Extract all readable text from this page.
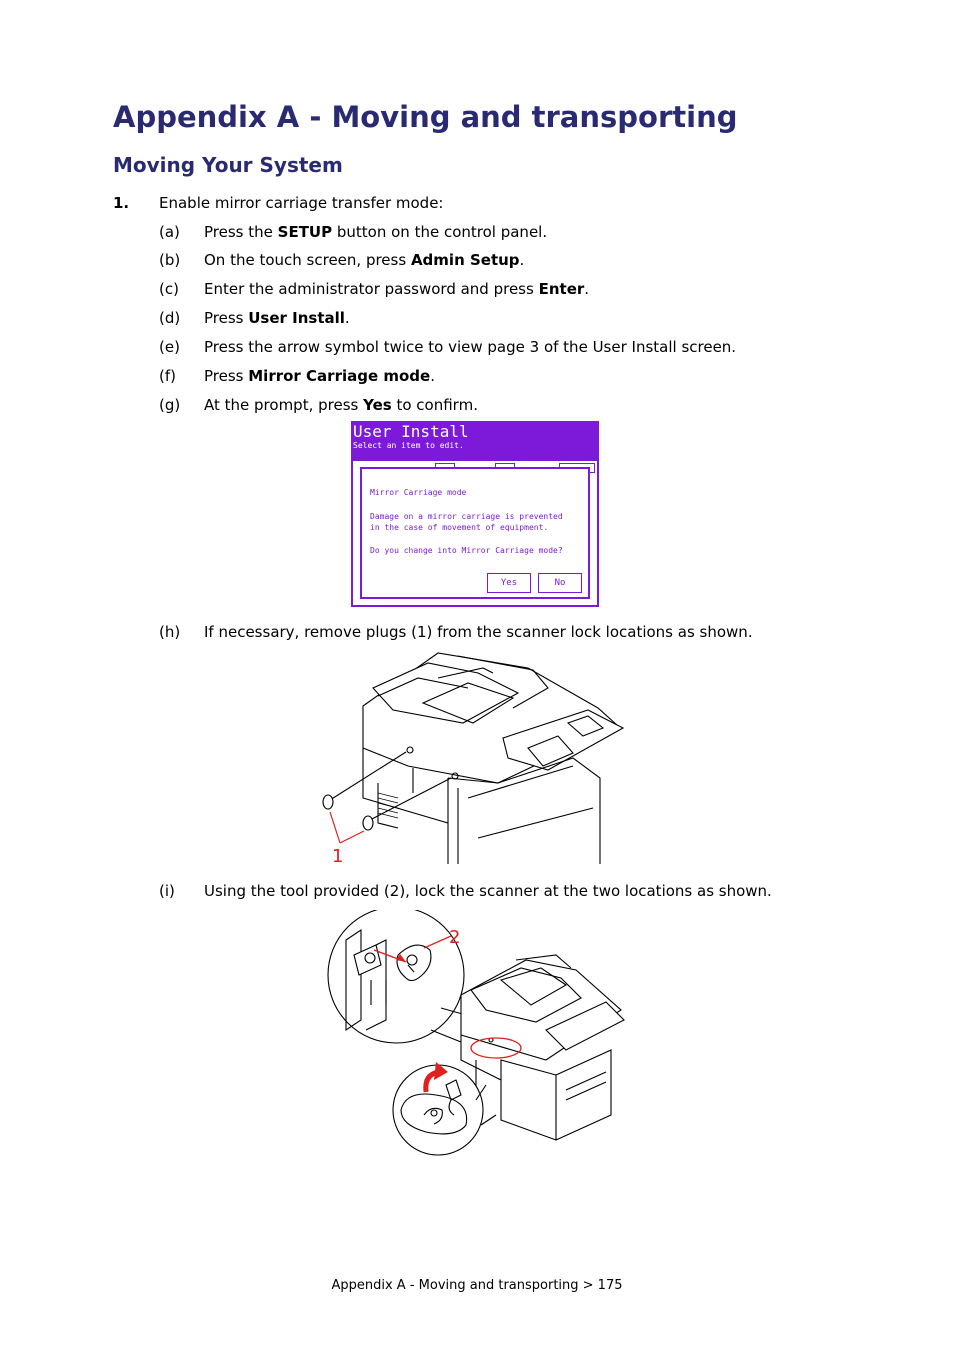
Appendix A - Moving and transporting
Moving Your System
1. Enable mirror carriage transfer mode:
(a) Press the SETUP button on the control panel.
(b) On the touch screen, press Admin Setup.
(c) Enter the administrator password and press Enter.
(d) Press User Install.
(e) Press the arrow symbol twice to view page 3 of the User Install screen.
(f) Press Mirror Carriage mode.
(g) At the prompt, press Yes to confirm.
User Install
Select an item to edit.
Mirror Carriage mode
Damage on a mirror carriage is prevented
in the case of movement of equipment.
Do you change into Mirror Carriage mode?
Yes	No
(h) If necessary, remove plugs (1) from the scanner lock locations as shown.
1
(i) Using the tool provided (2), lock the scanner at the two locations as shown.
2
Appendix A - Moving and transporting > 175
